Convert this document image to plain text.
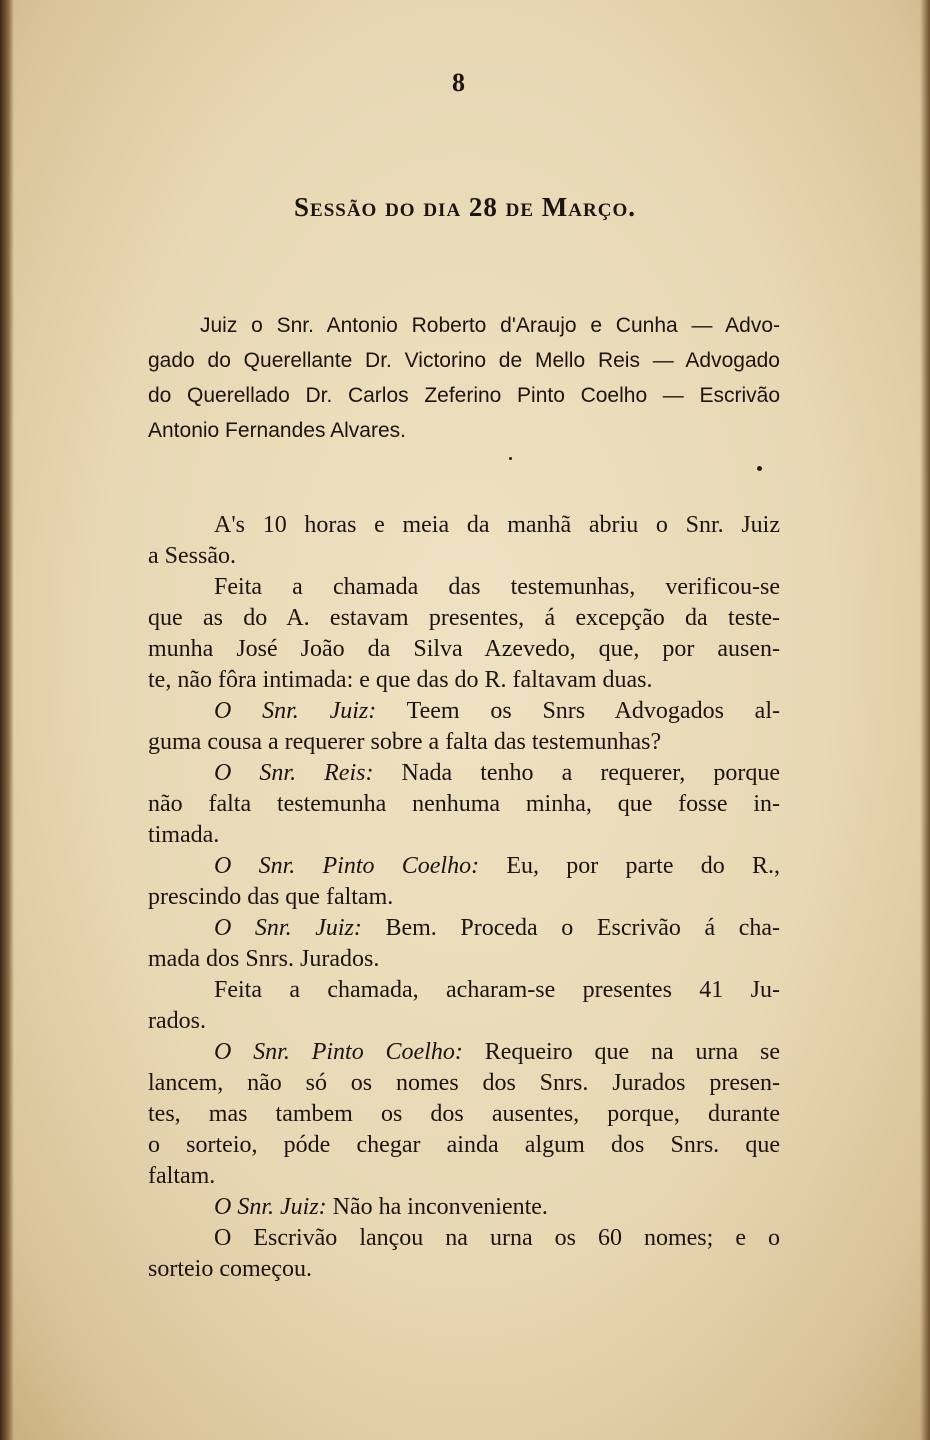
8
Sessão do dia 28 de Março.
Juiz o Snr. Antonio Roberto d'Araujo e Cunha — Advo-
gado do Querellante Dr. Victorino de Mello Reis — Advogado
do Querellado Dr. Carlos Zeferino Pinto Coelho — Escrivão
Antonio Fernandes Alvares.
A's 10 horas e meia da manhã abriu o Snr. Juiz
a Sessão.
Feita a chamada das testemunhas, verificou-se
que as do A. estavam presentes, á excepção da teste-
munha José João da Silva Azevedo, que, por ausen-
te, não fôra intimada: e que das do R. faltavam duas.
O Snr. Juiz: Teem os Snrs Advogados al-
guma cousa a requerer sobre a falta das testemunhas?
O Snr. Reis: Nada tenho a requerer, porque
não falta testemunha nenhuma minha, que fosse in-
timada.
O Snr. Pinto Coelho: Eu, por parte do R.,
prescindo das que faltam.
O Snr. Juiz: Bem. Proceda o Escrivão á cha-
mada dos Snrs. Jurados.
Feita a chamada, acharam-se presentes 41 Ju-
rados.
O Snr. Pinto Coelho: Requeiro que na urna se
lancem, não só os nomes dos Snrs. Jurados presen-
tes, mas tambem os dos ausentes, porque, durante
o sorteio, póde chegar ainda algum dos Snrs. que
faltam.
O Snr. Juiz: Não ha inconveniente.
O Escrivão lançou na urna os 60 nomes; e o
sorteio começou.
